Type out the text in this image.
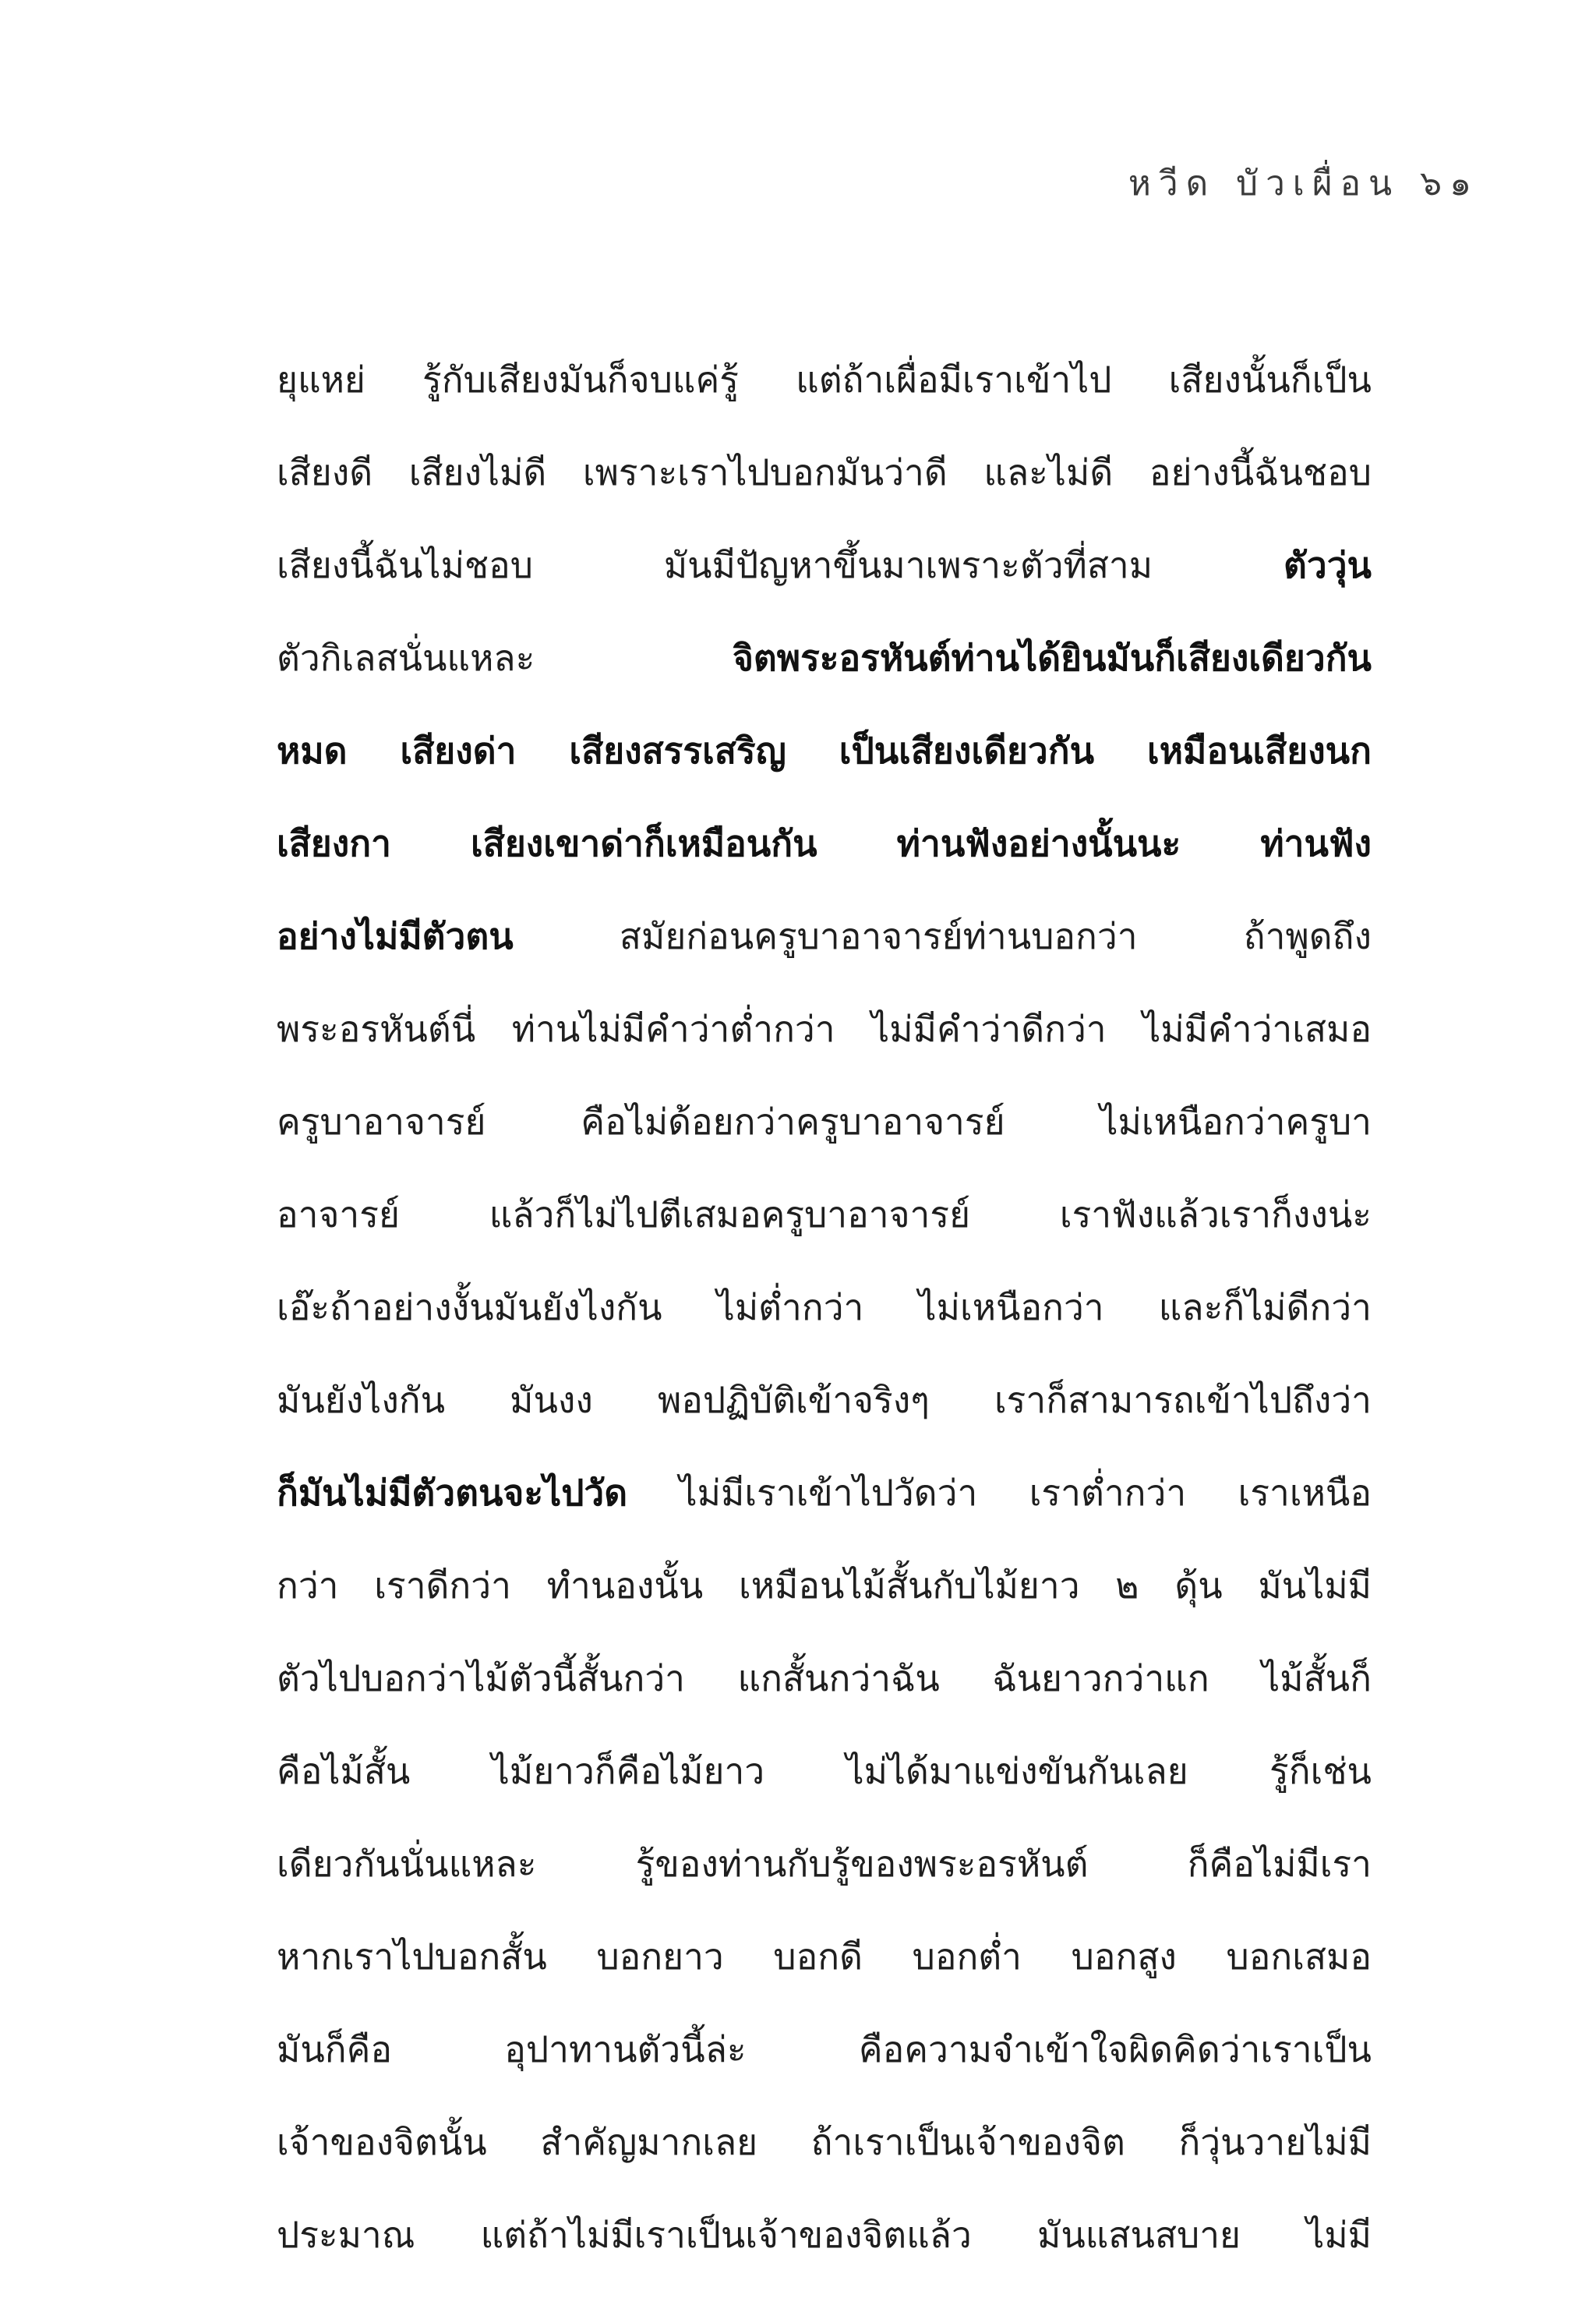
หวีด บัวเผื่อน ๖๑
ยุแหย่ รู้กับเสียงมันก็จบแค่รู้ แต่ถ้าเผื่อมีเราเข้าไป เสียงนั้นก็เป็น
เสียงดี เสียงไม่ดี เพราะเราไปบอกมันว่าดี และไม่ดี อย่างนี้ฉันชอบ
เสียงนี้ฉันไม่ชอบ	มันมีปัญหาขึ้นมาเพราะตัวที่สาม	ตัววุ่น
ตัวกิเลสนั่นแหละ	จิตพระอรหันต์ท่านได้ยินมันก็เสียงเดียวกัน
หมด เสียงด่า เสียงสรรเสริญ เป็นเสียงเดียวกัน เหมือนเสียงนก
เสียงกา เสียงเขาด่าก็เหมือนกัน ท่านฟังอย่างนั้นนะ ท่านฟัง
อย่างไม่มีตัวตน	สมัยก่อนครูบาอาจารย์ท่านบอกว่า	ถ้าพูดถึง
พระอรหันต์นี่ ท่านไม่มีคำว่าต่ำกว่า ไม่มีคำว่าดีกว่า ไม่มีคำว่าเสมอ
ครูบาอาจารย์	คือไม่ด้อยกว่าครูบาอาจารย์	ไม่เหนือกว่าครูบา
อาจารย์ แล้วก็ไม่ไปตีเสมอครูบาอาจารย์ เราฟังแล้วเราก็งงน่ะ
เอ๊ะถ้าอย่างงั้นมันยังไงกัน ไม่ต่ำกว่า ไม่เหนือกว่า และก็ไม่ดีกว่า
มันยังไงกัน มันงง พอปฏิบัติเข้าจริงๆ เราก็สามารถเข้าไปถึงว่า
ก็มันไม่มีตัวตนจะไปวัด ไม่มีเราเข้าไปวัดว่า เราต่ำกว่า เราเหนือ
กว่า เราดีกว่า ทำนองนั้น เหมือนไม้สั้นกับไม้ยาว ๒ ดุ้น มันไม่มี
ตัวไปบอกว่าไม้ตัวนี้สั้นกว่า แกสั้นกว่าฉัน ฉันยาวกว่าแก ไม้สั้นก็
คือไม้สั้น ไม้ยาวก็คือไม้ยาว ไม่ได้มาแข่งขันกันเลย รู้ก็เช่น
เดียวกันนั่นแหละ	รู้ของท่านกับรู้ของพระอรหันต์	ก็คือไม่มีเรา
หากเราไปบอกสั้น บอกยาว บอกดี บอกต่ำ บอกสูง บอกเสมอ
มันก็คือ	อุปาทานตัวนี้ล่ะ	คือความจำเข้าใจผิดคิดว่าเราเป็น
เจ้าของจิตนั้น สำคัญมากเลย ถ้าเราเป็นเจ้าของจิต ก็วุ่นวายไม่มี
ประมาณ แต่ถ้าไม่มีเราเป็นเจ้าของจิตแล้ว มันแสนสบาย ไม่มี
